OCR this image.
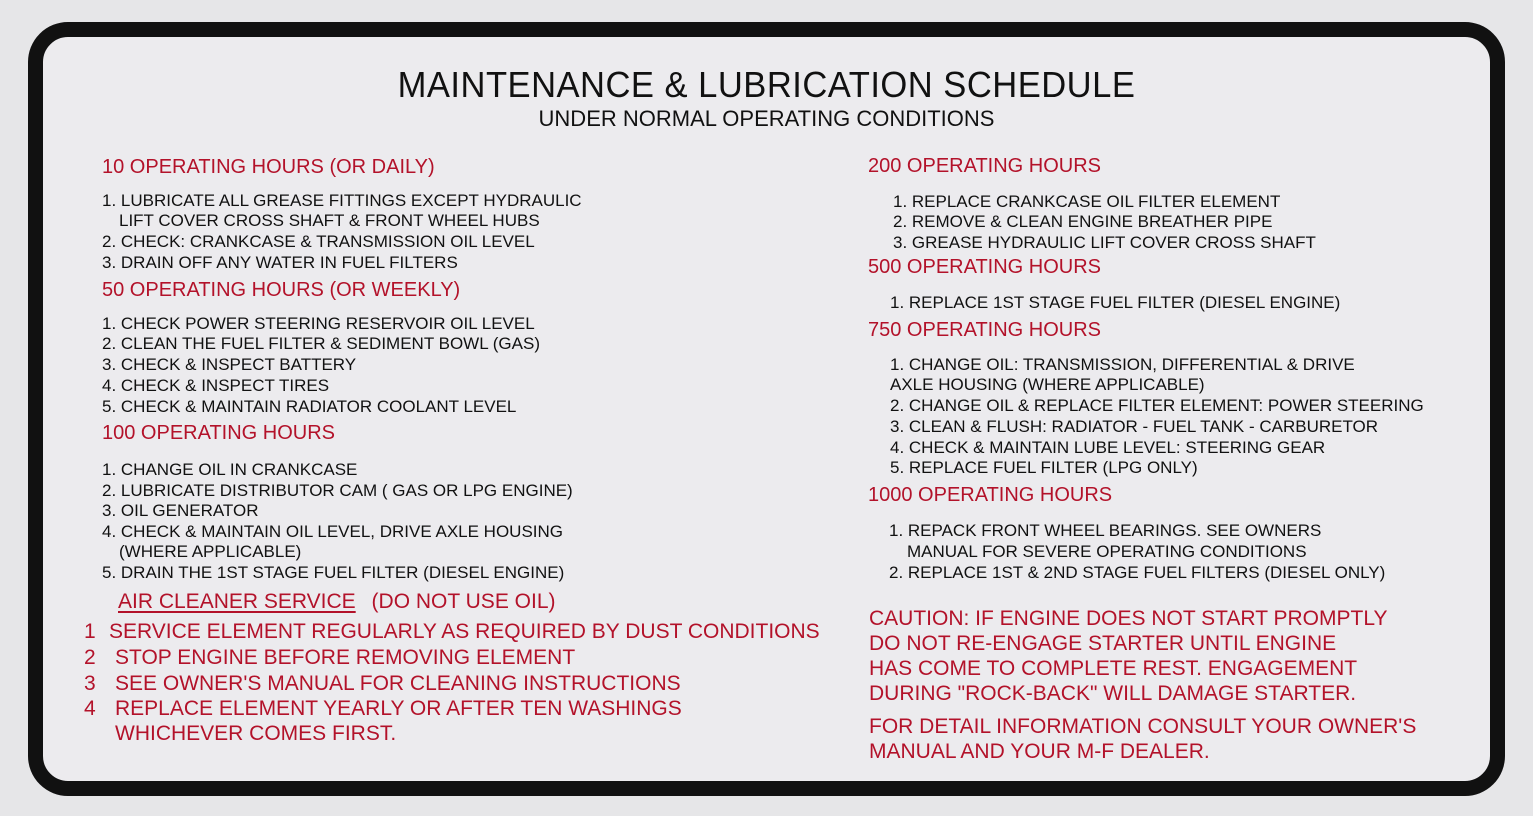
MAINTENANCE & LUBRICATION SCHEDULE
UNDER NORMAL OPERATING CONDITIONS
10 OPERATING HOURS (OR DAILY)
1. LUBRICATE ALL GREASE FITTINGS EXCEPT HYDRAULIC
LIFT COVER CROSS SHAFT & FRONT WHEEL HUBS
2. CHECK: CRANKCASE & TRANSMISSION OIL LEVEL
3. DRAIN OFF ANY WATER IN FUEL FILTERS
50 OPERATING HOURS (OR WEEKLY)
1. CHECK POWER STEERING RESERVOIR OIL LEVEL
2. CLEAN THE FUEL FILTER & SEDIMENT BOWL (GAS)
3. CHECK & INSPECT BATTERY
4. CHECK & INSPECT TIRES
5. CHECK & MAINTAIN RADIATOR COOLANT LEVEL
100 OPERATING HOURS
1. CHANGE OIL IN CRANKCASE
2. LUBRICATE DISTRIBUTOR CAM ( GAS OR LPG ENGINE)
3. OIL GENERATOR
4. CHECK & MAINTAIN OIL LEVEL, DRIVE AXLE HOUSING
(WHERE APPLICABLE)
5. DRAIN THE 1ST STAGE FUEL FILTER (DIESEL ENGINE)
AIR CLEANER SERVICE (DO NOT USE OIL)
1 SERVICE ELEMENT REGULARLY AS REQUIRED BY DUST CONDITIONS
2 STOP ENGINE BEFORE REMOVING ELEMENT
3 SEE OWNER'S MANUAL FOR CLEANING INSTRUCTIONS
4 REPLACE ELEMENT YEARLY OR AFTER TEN WASHINGS
WHICHEVER COMES FIRST.
200 OPERATING HOURS
1. REPLACE CRANKCASE OIL FILTER ELEMENT
2. REMOVE & CLEAN ENGINE BREATHER PIPE
3. GREASE HYDRAULIC LIFT COVER CROSS SHAFT
500 OPERATING HOURS
1. REPLACE 1ST STAGE FUEL FILTER (DIESEL ENGINE)
750 OPERATING HOURS
1. CHANGE OIL: TRANSMISSION, DIFFERENTIAL & DRIVE
AXLE HOUSING (WHERE APPLICABLE)
2. CHANGE OIL & REPLACE FILTER ELEMENT: POWER STEERING
3. CLEAN & FLUSH: RADIATOR - FUEL TANK - CARBURETOR
4. CHECK & MAINTAIN LUBE LEVEL: STEERING GEAR
5. REPLACE FUEL FILTER (LPG ONLY)
1000 OPERATING HOURS
1. REPACK FRONT WHEEL BEARINGS. SEE OWNERS
MANUAL FOR SEVERE OPERATING CONDITIONS
2. REPLACE 1ST & 2ND STAGE FUEL FILTERS (DIESEL ONLY)
CAUTION: IF ENGINE DOES NOT START PROMPTLY
DO NOT RE-ENGAGE STARTER UNTIL ENGINE
HAS COME TO COMPLETE REST. ENGAGEMENT
DURING "ROCK-BACK" WILL DAMAGE STARTER.
FOR DETAIL INFORMATION CONSULT YOUR OWNER'S
MANUAL AND YOUR M-F DEALER.
